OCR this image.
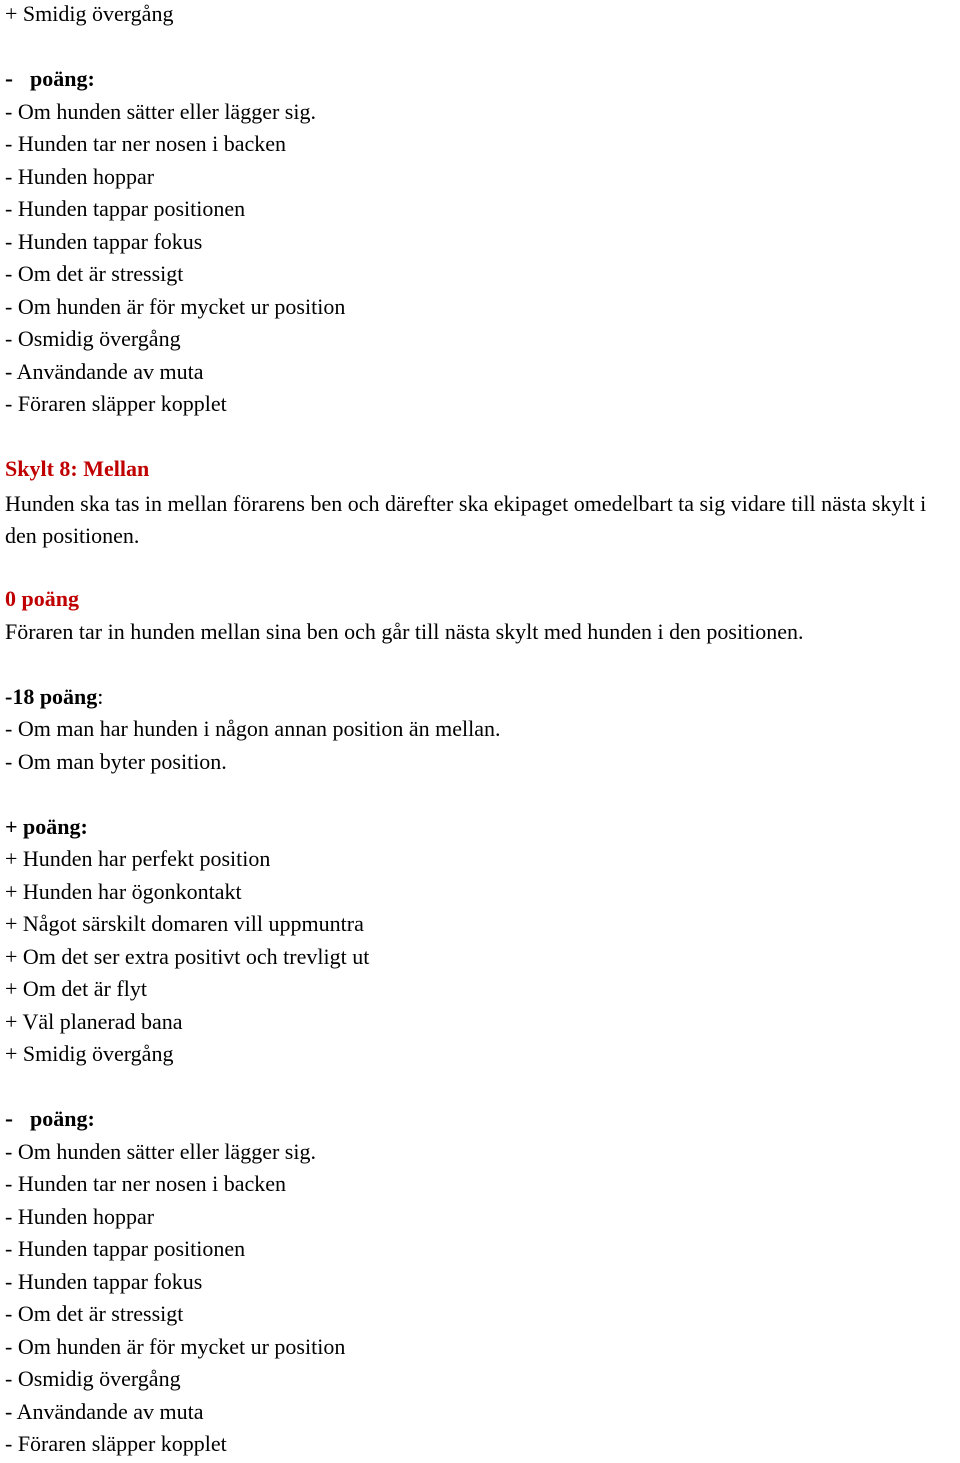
+ Smidig övergång
- poäng:
- Om hunden sätter eller lägger sig.
- Hunden tar ner nosen i backen
- Hunden hoppar
- Hunden tappar positionen
- Hunden tappar fokus
- Om det är stressigt
- Om hunden är för mycket ur position
- Osmidig övergång
- Användande av muta
- Föraren släpper kopplet
Skylt 8: Mellan
Hunden ska tas in mellan förarens ben och därefter ska ekipaget omedelbart ta sig vidare till nästa skylt i den positionen.
0 poäng
Föraren tar in hunden mellan sina ben och går till nästa skylt med hunden i den positionen.
-18 poäng:
- Om man har hunden i någon annan position än mellan.
- Om man byter position.
+ poäng:
+ Hunden har perfekt position
+ Hunden har ögonkontakt
+ Något särskilt domaren vill uppmuntra
+ Om det ser extra positivt och trevligt ut
+ Om det är flyt
+ Väl planerad bana
+ Smidig övergång
- poäng:
- Om hunden sätter eller lägger sig.
- Hunden tar ner nosen i backen
- Hunden hoppar
- Hunden tappar positionen
- Hunden tappar fokus
- Om det är stressigt
- Om hunden är för mycket ur position
- Osmidig övergång
- Användande av muta
- Föraren släpper kopplet
